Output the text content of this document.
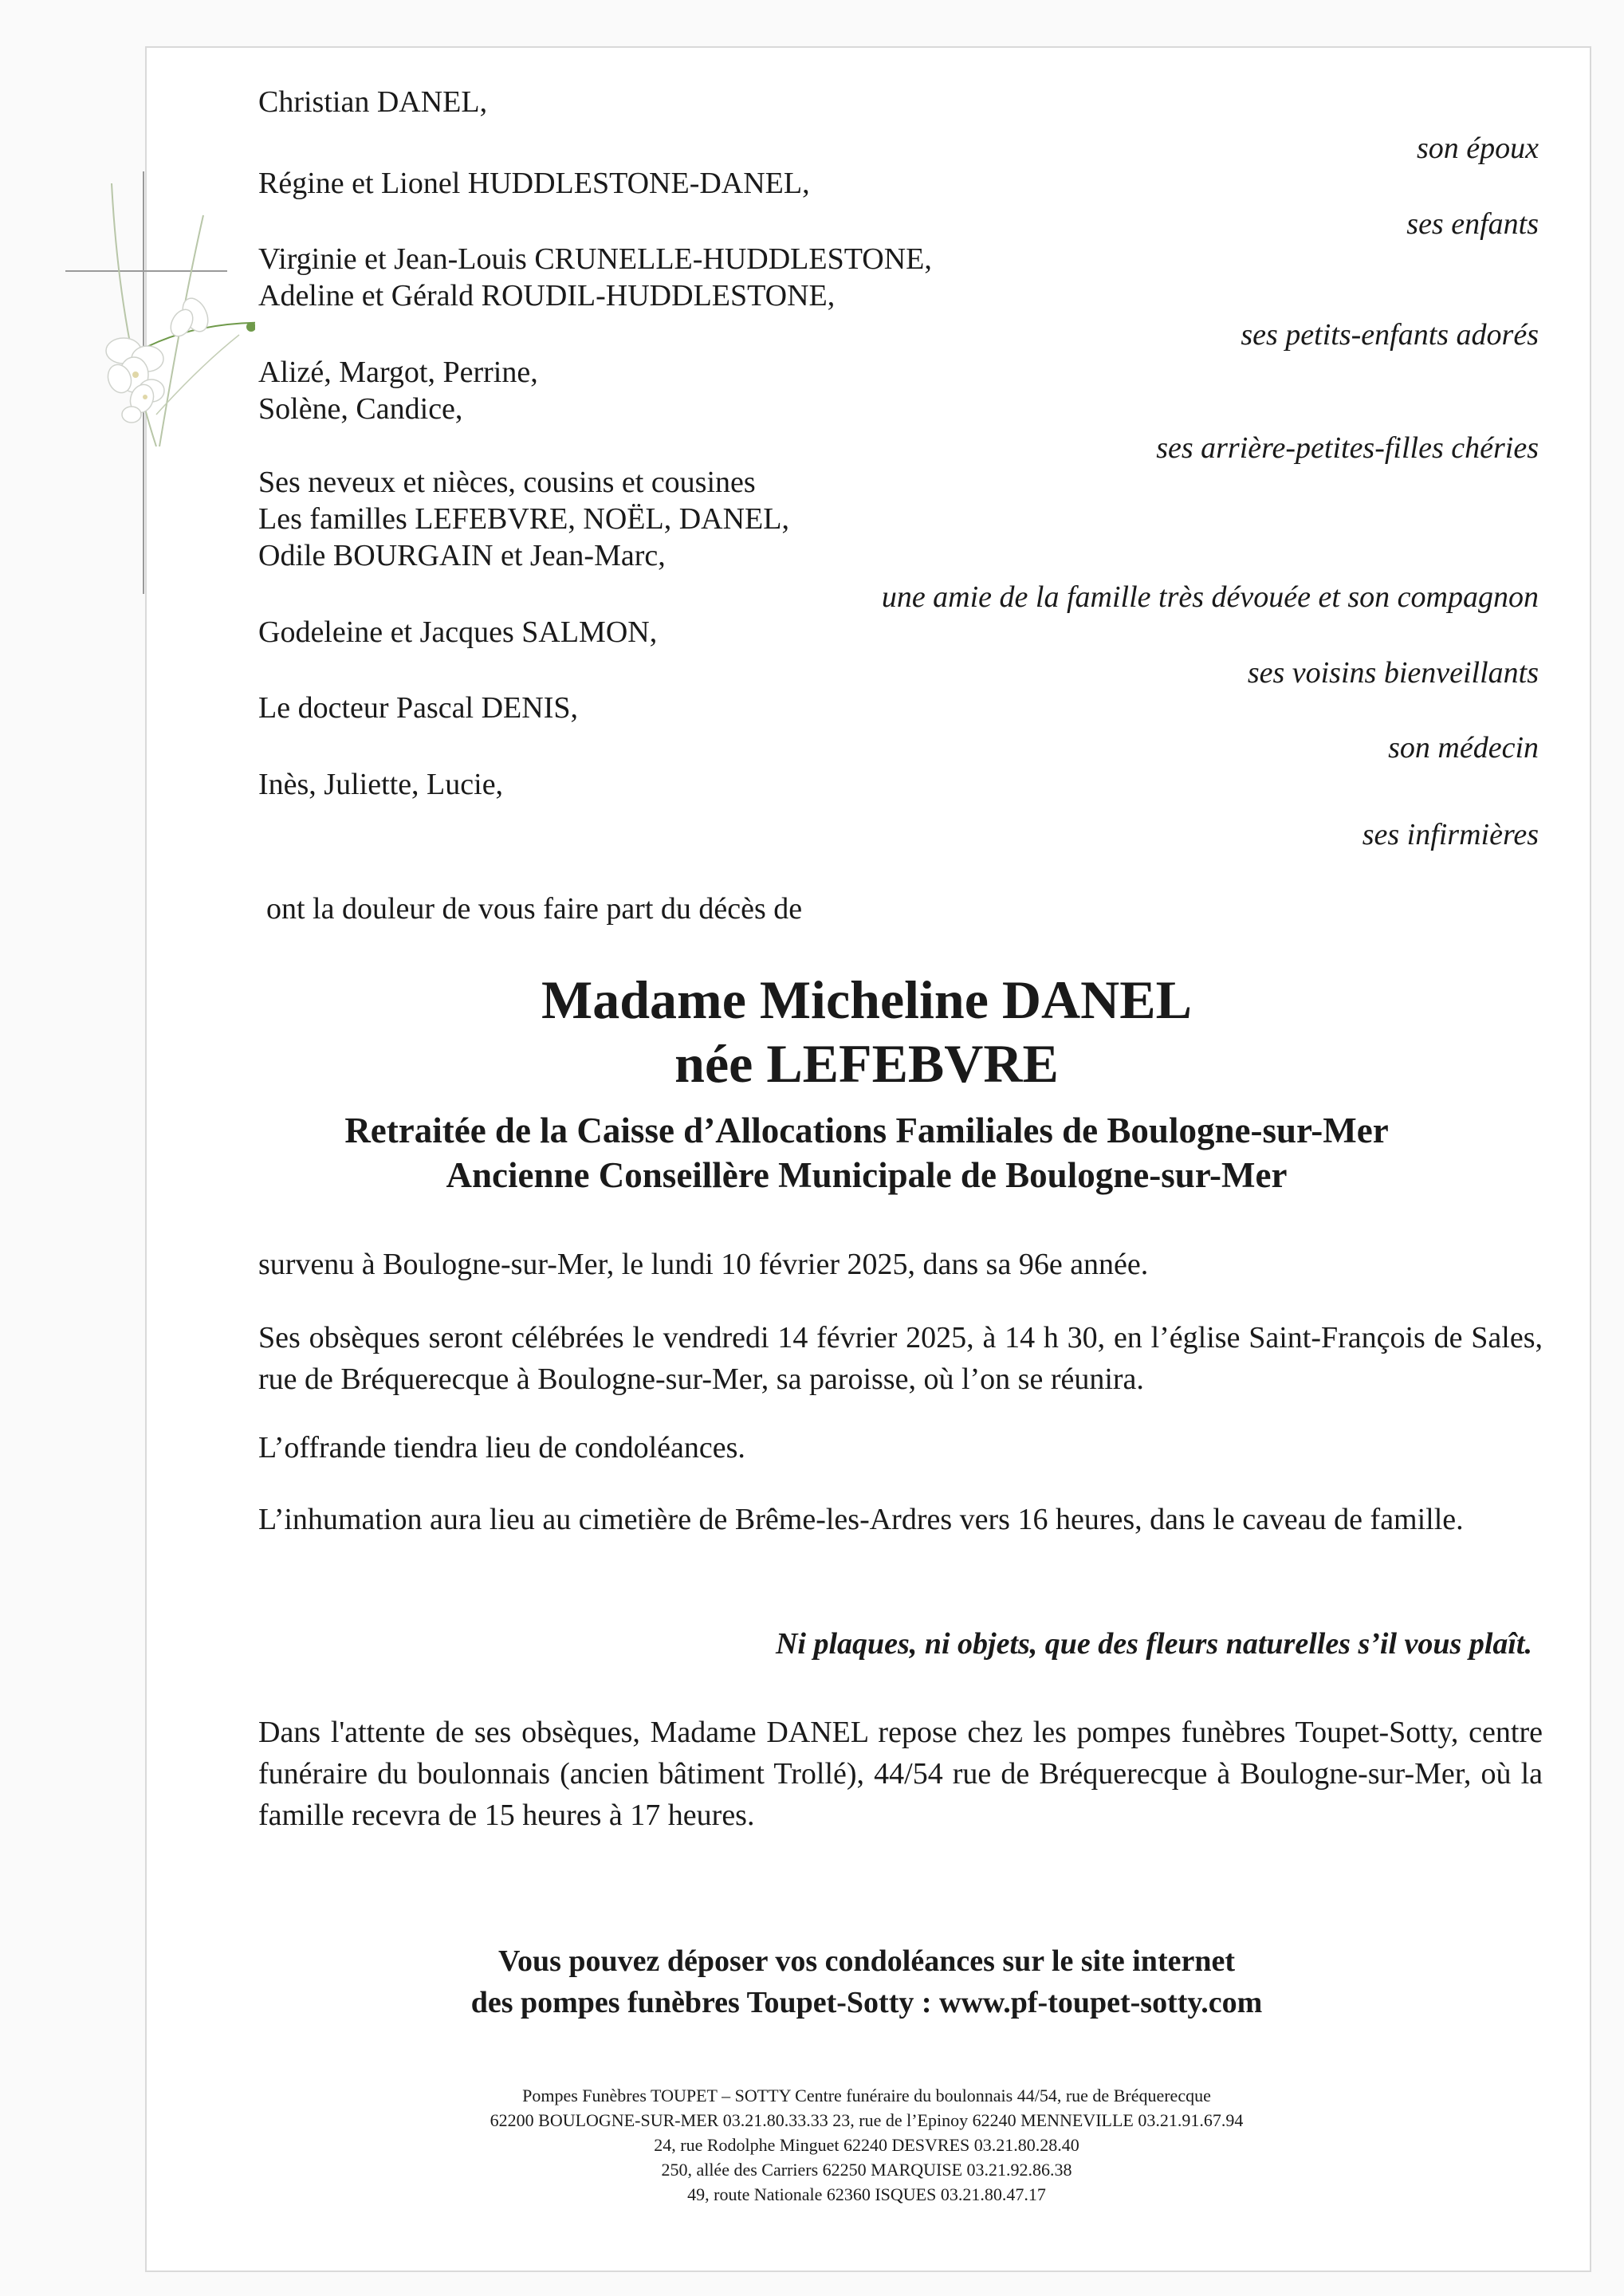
Christian DANEL,
son époux
Régine et Lionel HUDDLESTONE-DANEL,
ses enfants
Virginie et Jean-Louis CRUNELLE-HUDDLESTONE,
Adeline et Gérald ROUDIL-HUDDLESTONE,
ses petits-enfants adorés
Alizé, Margot, Perrine,
Solène, Candice,
ses arrière-petites-filles chéries
Ses neveux et nièces, cousins et cousines
Les familles LEFEBVRE, NOËL, DANEL,
Odile BOURGAIN et Jean-Marc,
une amie de la famille très dévouée et son compagnon
Godeleine et Jacques SALMON,
ses voisins bienveillants
Le docteur Pascal DENIS,
son médecin
Inès, Juliette, Lucie,
ses infirmières
ont la douleur de vous faire part du décès de
Madame Micheline DANEL
née LEFEBVRE
Retraitée de la Caisse d’Allocations Familiales de Boulogne-sur-Mer
Ancienne Conseillère Municipale de Boulogne-sur-Mer
survenu à Boulogne-sur-Mer, le lundi 10 février 2025, dans sa 96e année.
Ses obsèques seront célébrées le vendredi 14 février 2025, à 14 h 30, en l’église Saint-François de Sales, rue de Bréquerecque à Boulogne-sur-Mer, sa paroisse, où l’on se réunira.
L’offrande tiendra lieu de condoléances.
L’inhumation aura lieu au cimetière de Brême-les-Ardres vers 16 heures, dans le caveau de famille.
Ni plaques, ni objets, que des fleurs naturelles s’il vous plaît.
Dans l'attente de ses obsèques, Madame DANEL repose chez les pompes funèbres Toupet-Sotty, centre funéraire du boulonnais (ancien bâtiment Trollé), 44/54 rue de Bréquerecque à Boulogne-sur-Mer, où la famille recevra de 15 heures à 17 heures.
Vous pouvez déposer vos condoléances sur le site internet
des pompes funèbres Toupet-Sotty : www.pf-toupet-sotty.com
Pompes Funèbres TOUPET – SOTTY Centre funéraire du boulonnais 44/54, rue de Bréquerecque
62200 BOULOGNE-SUR-MER 03.21.80.33.33 23, rue de l’Epinoy 62240 MENNEVILLE 03.21.91.67.94
24, rue Rodolphe Minguet 62240 DESVRES 03.21.80.28.40
250, allée des Carriers 62250 MARQUISE 03.21.92.86.38
49, route Nationale 62360 ISQUES 03.21.80.47.17
